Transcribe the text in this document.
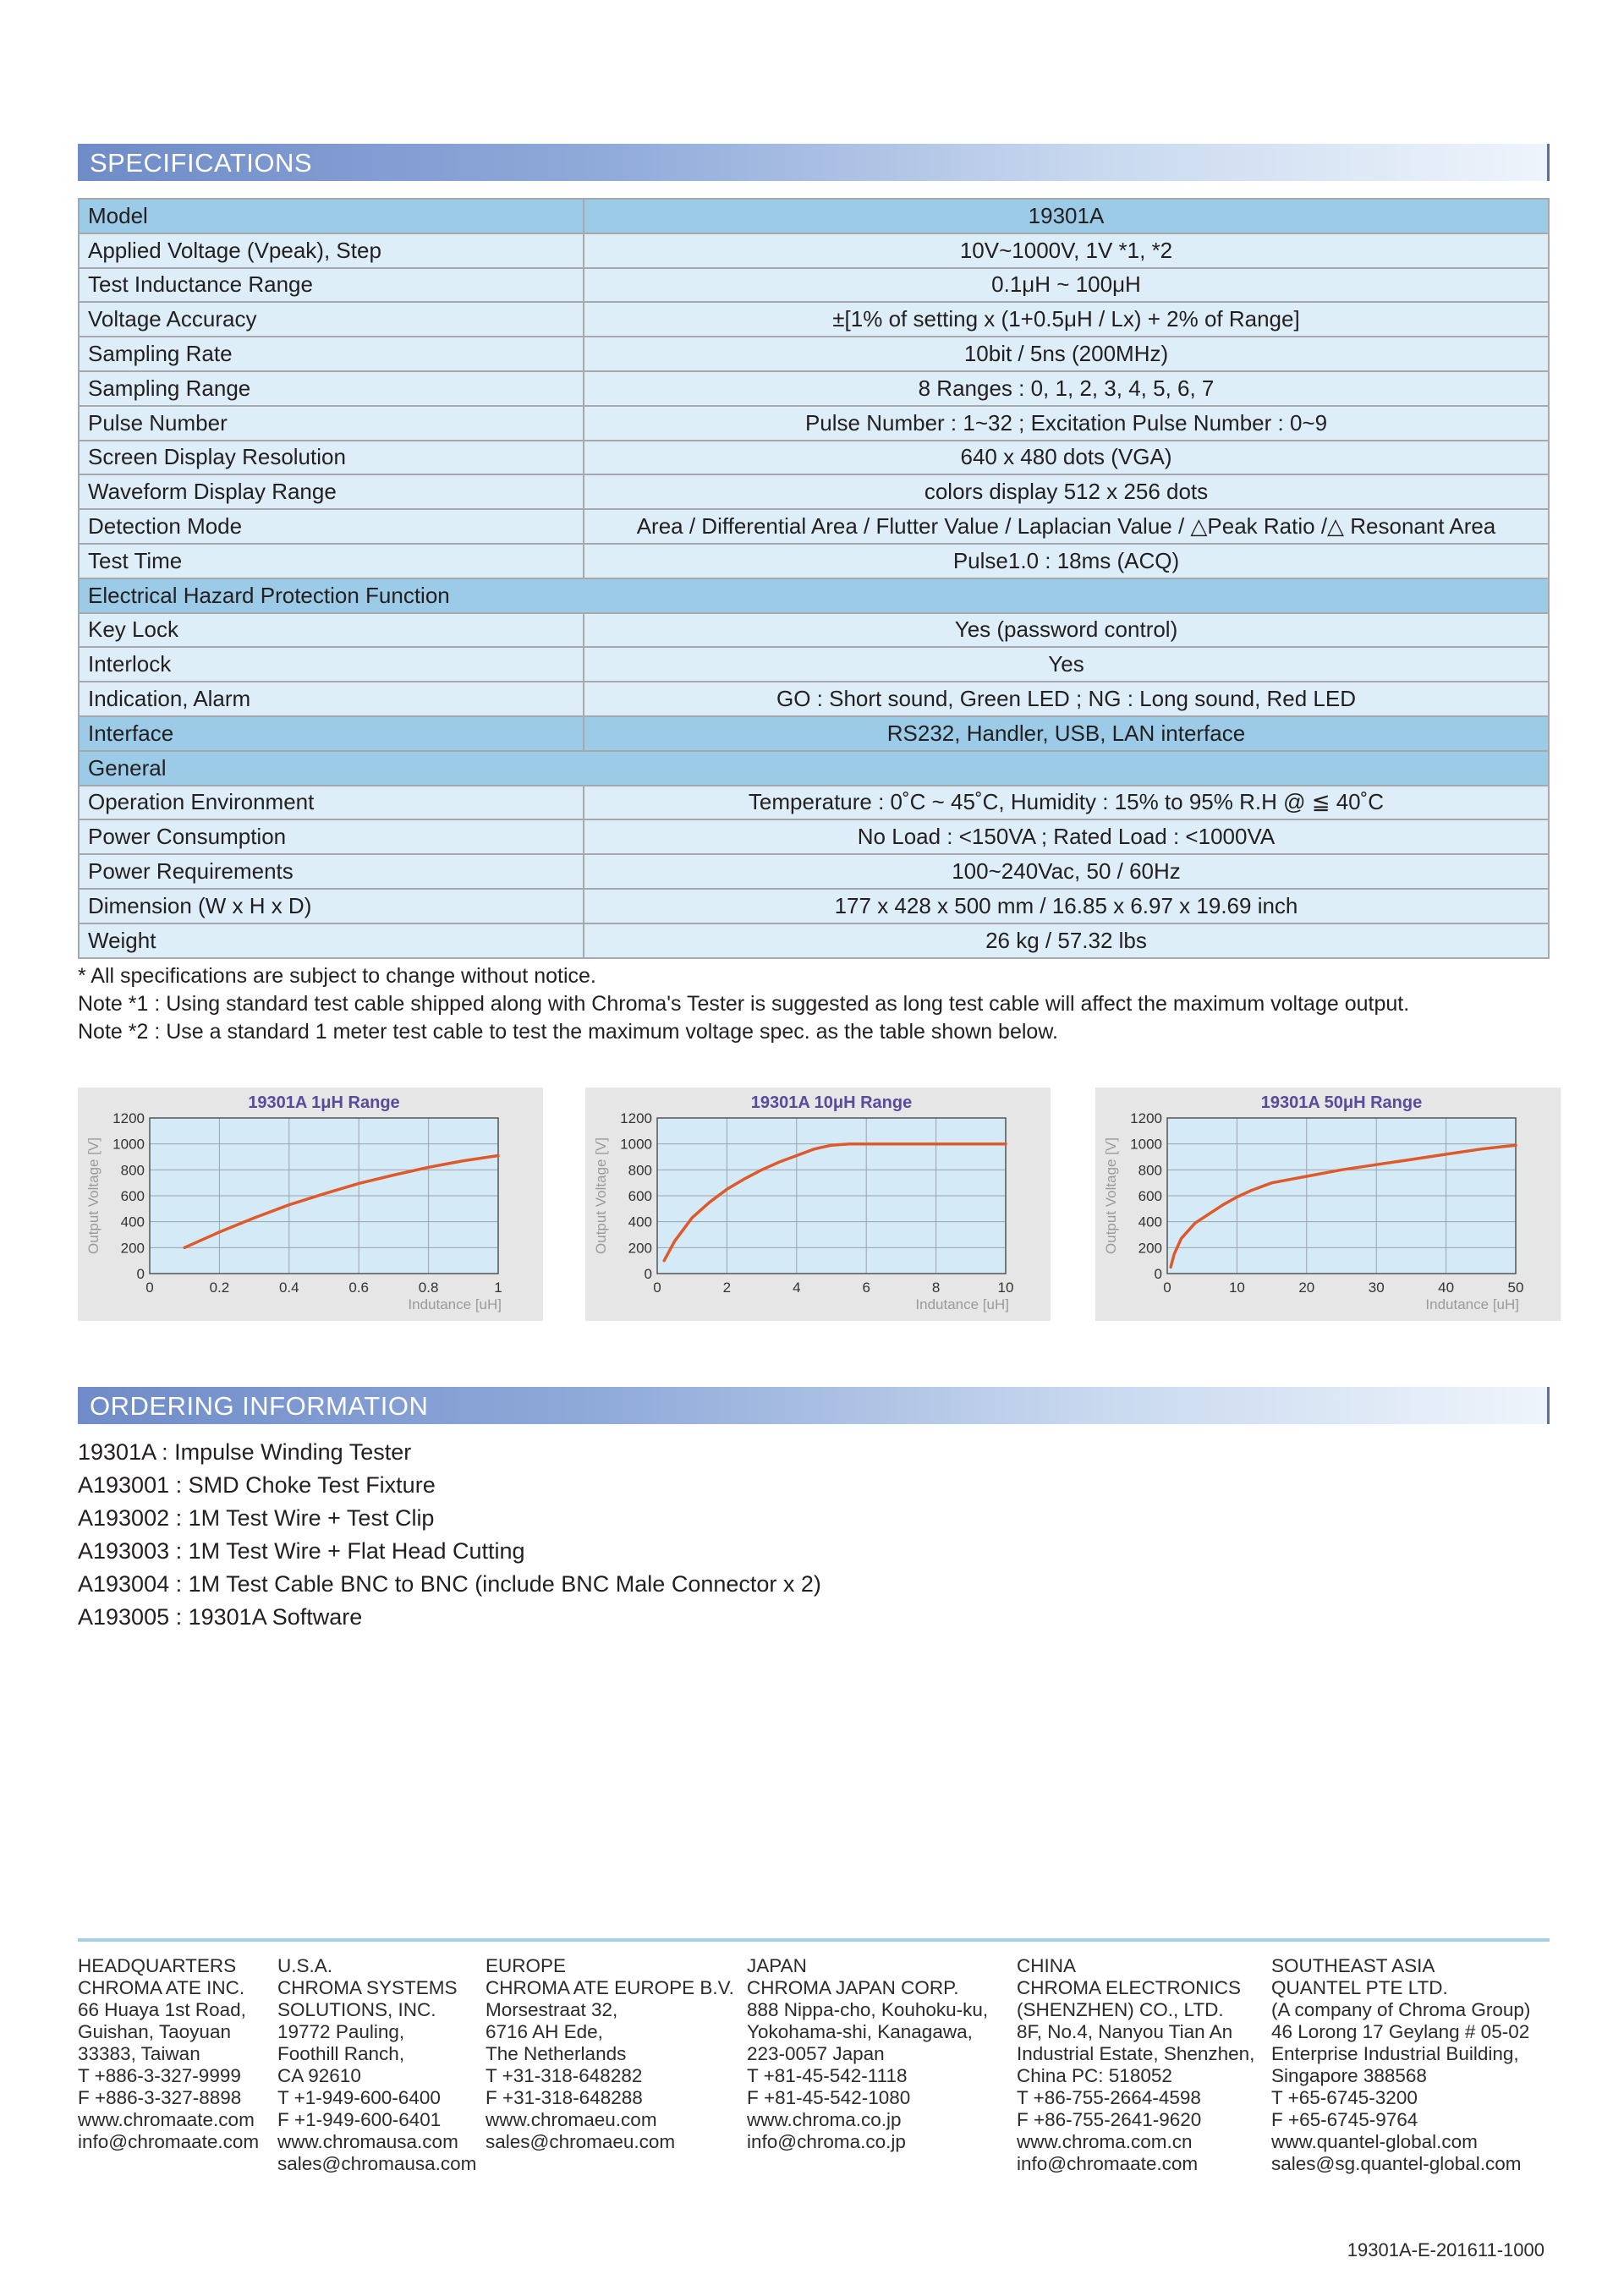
SPECIFICATIONS
Model	19301A
Applied Voltage (Vpeak), Step	10V~1000V, 1V *1, *2
Test Inductance Range	0.1μH ~ 100μH
Voltage Accuracy	±[1% of setting x (1+0.5μH / Lx) + 2% of Range]
Sampling Rate	10bit / 5ns (200MHz)
Sampling Range	8 Ranges : 0, 1, 2, 3, 4, 5, 6, 7
Pulse Number	Pulse Number : 1~32 ; Excitation Pulse Number : 0~9
Screen Display Resolution	640 x 480 dots (VGA)
Waveform Display Range	colors display 512 x 256 dots
Detection Mode	Area / Differential Area / Flutter Value / Laplacian Value / △Peak Ratio /△ Resonant Area
Test Time	Pulse1.0 : 18ms (ACQ)
Electrical Hazard Protection Function	
Key Lock	Yes (password control)
Interlock	Yes
Indication, Alarm	GO : Short sound, Green LED ; NG : Long sound, Red LED
Interface	RS232, Handler, USB, LAN interface
General	
Operation Environment	Temperature : 0˚C ~ 45˚C, Humidity : 15% to 95% R.H @ ≦ 40˚C
Power Consumption	No Load : <150VA ; Rated Load : <1000VA
Power Requirements	100~240Vac, 50 / 60Hz
Dimension (W x H x D)	177 x 428 x 500 mm / 16.85 x 6.97 x 19.69 inch
Weight	26 kg / 57.32 lbs
* All specifications are subject to change without notice.
Note *1 : Using standard test cable shipped along with Chroma's Tester is suggested as long test cable will affect the maximum voltage output.
Note *2 : Use a standard 1 meter test cable to test the maximum voltage spec. as the table shown below.
0
200
400
600
800
1000
1200
0	0.2	0.4	0.6	0.8	1
19301A 1μH Range
Output Voltage [V]
Indutance [uH]
0
200
400
600
800
1000
1200
0	2	4	6	8	10
19301A 10μH Range
Output Voltage [V]
Indutance [uH]
0
200
400
600
800
1000
1200
0	10	20	30	40	50
19301A 50μH Range
Output Voltage [V]
Indutance [uH]
ORDERING INFORMATION
19301A : Impulse Winding Tester
A193001 : SMD Choke Test Fixture
A193002 : 1M Test Wire + Test Clip
A193003 : 1M Test Wire + Flat Head Cutting
A193004 : 1M Test Cable BNC to BNC (include BNC Male Connector x 2)
A193005 : 19301A Software
HEADQUARTERS
CHROMA ATE INC.
66 Huaya 1st Road,
Guishan, Taoyuan
33383, Taiwan
T +886-3-327-9999
F +886-3-327-8898
www.chromaate.com
info@chromaate.com
U.S.A.
CHROMA SYSTEMS
SOLUTIONS, INC.
19772 Pauling,
Foothill Ranch,
CA 92610
T +1-949-600-6400
F +1-949-600-6401
www.chromausa.com
sales@chromausa.com
EUROPE
CHROMA ATE EUROPE B.V.
Morsestraat 32,
6716 AH Ede,
The Netherlands
T +31-318-648282
F +31-318-648288
www.chromaeu.com
sales@chromaeu.com
JAPAN
CHROMA JAPAN CORP.
888 Nippa-cho, Kouhoku-ku,
Yokohama-shi, Kanagawa,
223-0057 Japan
T +81-45-542-1118
F +81-45-542-1080
www.chroma.co.jp
info@chroma.co.jp
CHINA
CHROMA ELECTRONICS
(SHENZHEN) CO., LTD.
8F, No.4, Nanyou Tian An
Industrial Estate, Shenzhen,
China PC: 518052
T +86-755-2664-4598
F +86-755-2641-9620
www.chroma.com.cn
info@chromaate.com
SOUTHEAST ASIA
QUANTEL PTE LTD.
(A company of Chroma Group)
46 Lorong 17 Geylang # 05-02
Enterprise Industrial Building,
Singapore 388568
T +65-6745-3200
F +65-6745-9764
www.quantel-global.com
sales@sg.quantel-global.com
19301A-E-201611-1000
